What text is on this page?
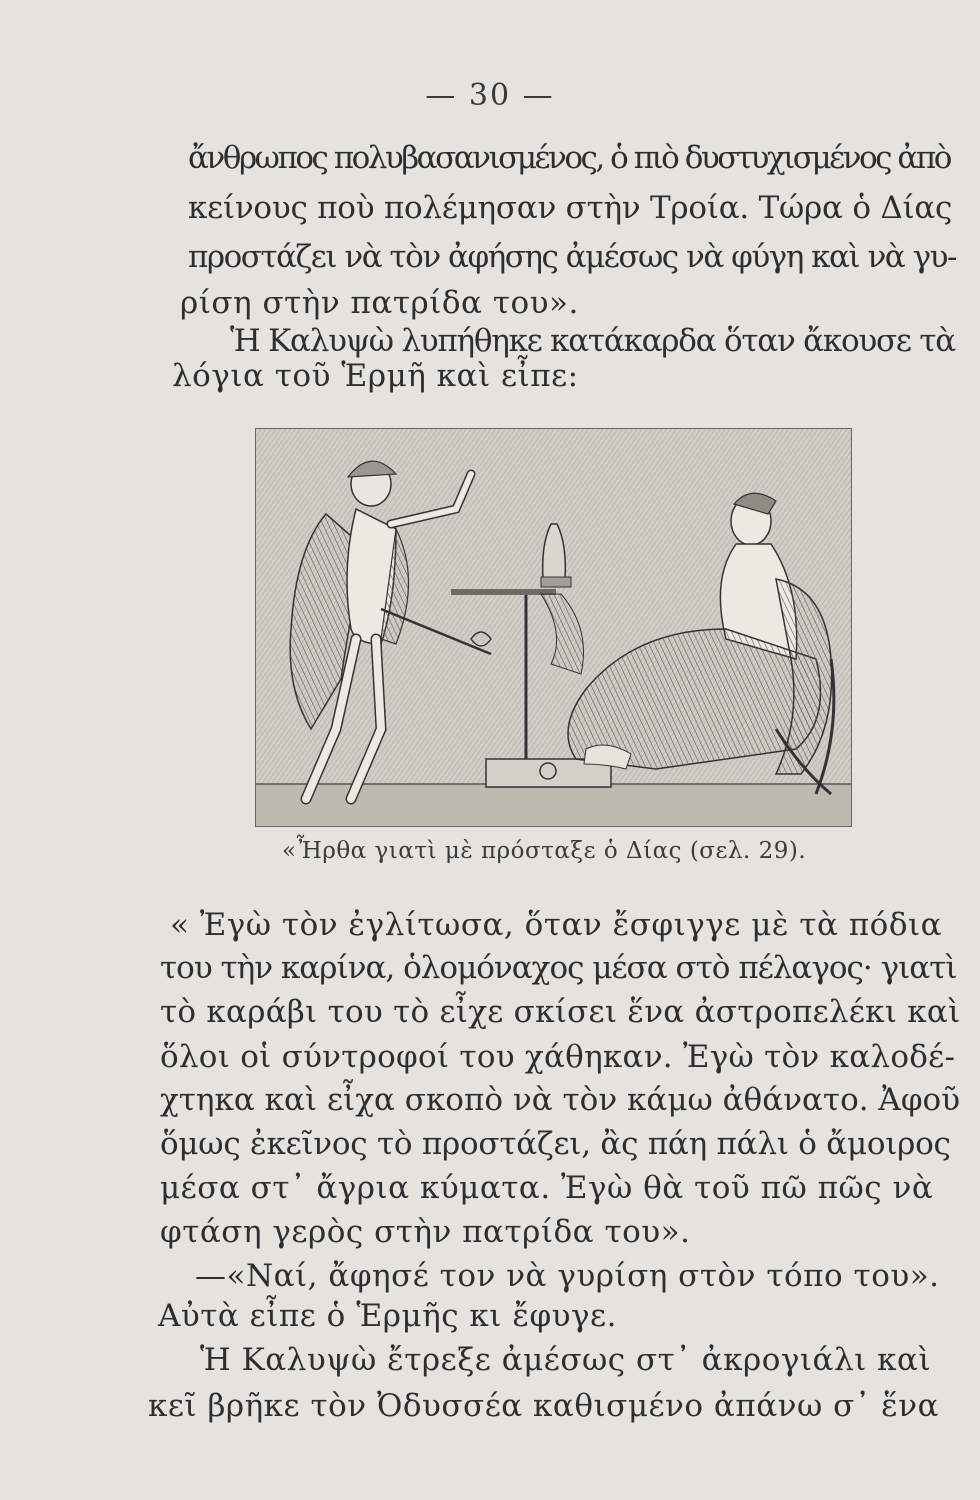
— 30 —
ἄνθρωπος πολυβασανισμένος, ὁ πιὸ δυστυχισμένος ἀπὸ
κείνους ποὺ πολέμησαν στὴν Τροία. Τώρα ὁ Δίας
προστάζει νὰ τὸν ἀφήσης ἀμέσως νὰ φύγη καὶ νὰ γυ-
ρίση στὴν πατρίδα του».
Ἡ Καλυψὼ λυπήθηκε κατάκαρδα ὅταν ἄκουσε τὰ
λόγια τοῦ Ἑρμῆ καὶ εἶπε:
«Ἦρθα γιατὶ μὲ πρόσταξε ὁ Δίας (σελ. 29).
« Ἐγὼ τὸν ἐγλίτωσα, ὅταν ἔσφιγγε μὲ τὰ πόδια
του τὴν καρίνα, ὁλομόναχος μέσα στὸ πέλαγος· γιατὶ
τὸ καράβι του τὸ εἶχε σκίσει ἕνα ἀστροπελέκι καὶ
ὅλοι οἱ σύντροφοί του χάθηκαν. Ἐγὼ τὸν καλοδέ-
χτηκα καὶ εἶχα σκοπὸ νὰ τὸν κάμω ἀθάνατο. Ἀφοῦ
ὅμως ἐκεῖνος τὸ προστάζει, ἂς πάη πάλι ὁ ἄμοιρος
μέσα στ᾽ ἄγρια κύματα. Ἐγὼ θὰ τοῦ πῶ πῶς νὰ
φτάση γερὸς στὴν πατρίδα του».
—«Ναί, ἄφησέ τον νὰ γυρίση στὸν τόπο του».
Αὐτὰ εἶπε ὁ Ἑρμῆς κι ἔφυγε.
Ἡ Καλυψὼ ἔτρεξε ἀμέσως στ᾽ ἀκρογιάλι καὶ
κεῖ βρῆκε τὸν Ὀδυσσέα καθισμένο ἀπάνω σ᾽ ἕνα
